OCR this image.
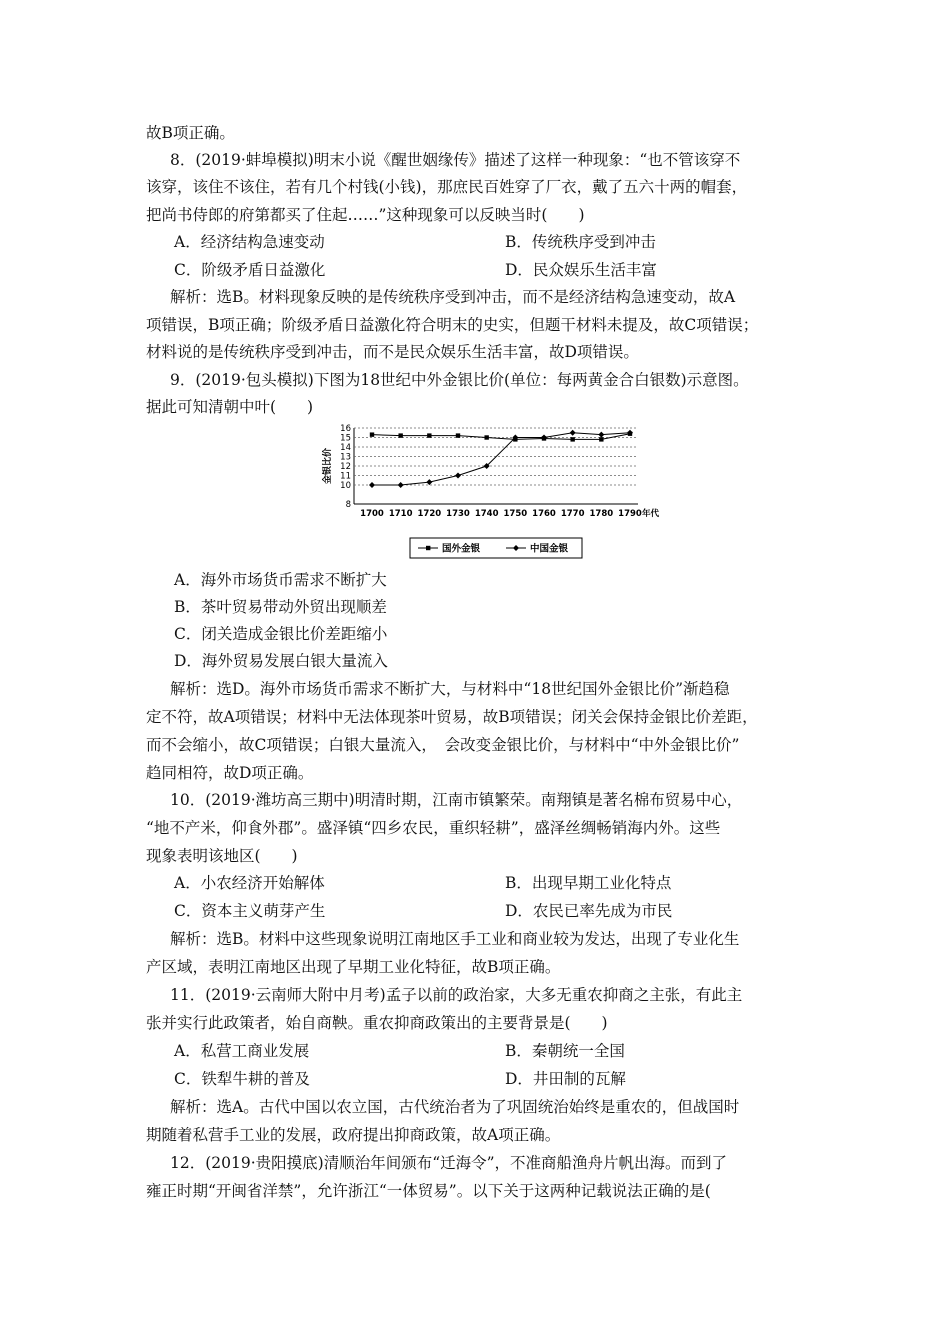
故B项正确。
8．(2019·蚌埠模拟)明末小说《醒世姻缘传》描述了这样一种现象：“也不管该穿不
该穿，该住不该住，若有几个村钱(小钱)，那庶民百姓穿了厂衣，戴了五六十两的帽套，
把尚书侍郎的府第都买了住起……”这种现象可以反映当时(　　)
A．经济结构急速变动	B．传统秩序受到冲击
C．阶级矛盾日益激化	D．民众娱乐生活丰富
解析：选B。材料现象反映的是传统秩序受到冲击，而不是经济结构急速变动，故A
项错误，B项正确；阶级矛盾日益激化符合明末的史实，但题干材料未提及，故C项错误；
材料说的是传统秩序受到冲击，而不是民众娱乐生活丰富，故D项错误。
9．(2019·包头模拟)下图为18世纪中外金银比价(单位：每两黄金合白银数)示意图。
据此可知清朝中叶(　　)
8
10
11
12
13
14
15
16
金银比价
1700 1710 1720 1730 1740 1750 1760 1770 1780 1790 年代
国外金银	中国金银
A．海外市场货币需求不断扩大
B．茶叶贸易带动外贸出现顺差
C．闭关造成金银比价差距缩小
D．海外贸易发展白银大量流入
解析：选D。海外市场货币需求不断扩大，与材料中“18世纪国外金银比价”渐趋稳
定不符，故A项错误；材料中无法体现茶叶贸易，故B项错误；闭关会保持金银比价差距，
而不会缩小，故C项错误；白银大量流入，　会改变金银比价，与材料中“中外金银比价”
趋同相符，故D项正确。
10．(2019·潍坊高三期中)明清时期，江南市镇繁荣。南翔镇是著名棉布贸易中心，
“地不产米，仰食外郡”。盛泽镇“四乡农民，重织轻耕”，盛泽丝绸畅销海内外。这些
现象表明该地区(　　)
A．小农经济开始解体	B．出现早期工业化特点
C．资本主义萌芽产生	D．农民已率先成为市民
解析：选B。材料中这些现象说明江南地区手工业和商业较为发达，出现了专业化生
产区域，表明江南地区出现了早期工业化特征，故B项正确。
11．(2019·云南师大附中月考)孟子以前的政治家，大多无重农抑商之主张，有此主
张并实行此政策者，始自商鞅。重农抑商政策出的主要背景是(　　)
A．私营工商业发展	B．秦朝统一全国
C．铁犁牛耕的普及	D．井田制的瓦解
解析：选A。古代中国以农立国，古代统治者为了巩固统治始终是重农的，但战国时
期随着私营手工业的发展，政府提出抑商政策，故A项正确。
12．(2019·贵阳摸底)清顺治年间颁布“迁海令”，不准商船渔舟片帆出海。而到了
雍正时期“开闽省洋禁”，允许浙江“一体贸易”。以下关于这两种记载说法正确的是(
